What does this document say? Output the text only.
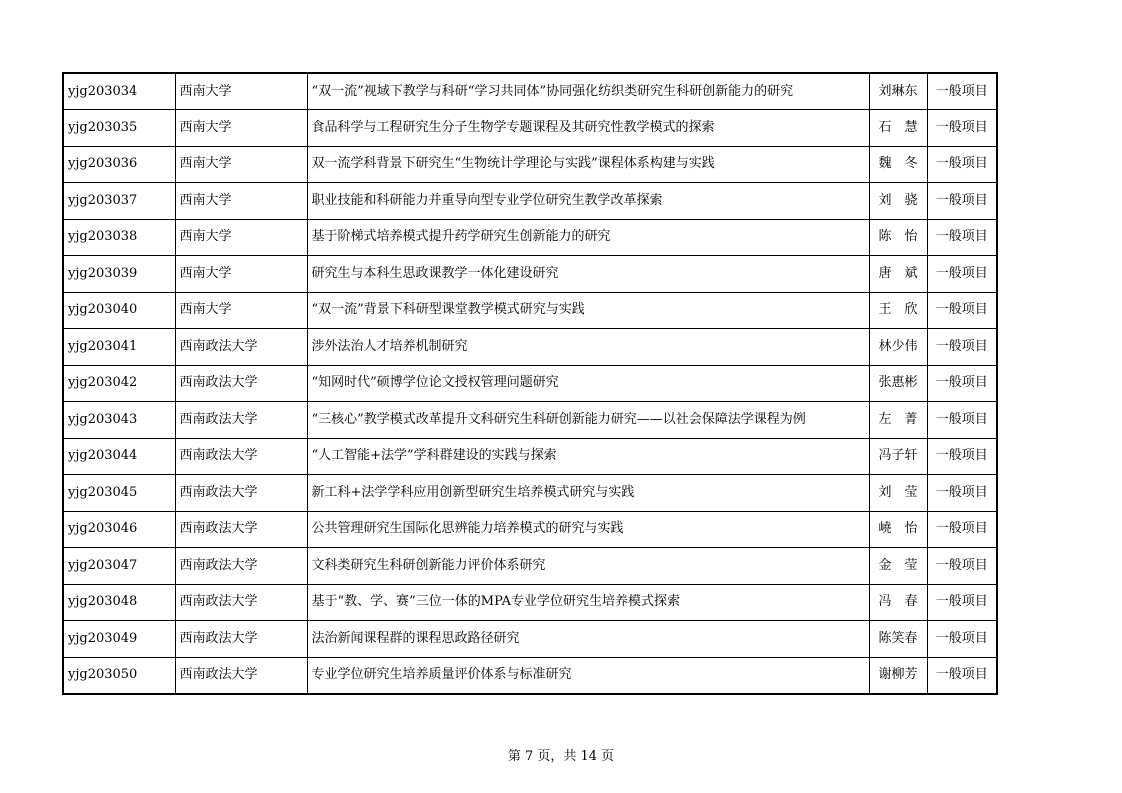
yjg203034	西南大学	“双一流”视域下教学与科研“学习共同体”协同强化纺织类研究生科研创新能力的研究	刘琳东	一般项目
yjg203035	西南大学	食品科学与工程研究生分子生物学专题课程及其研究性教学模式的探索	石　慧	一般项目
yjg203036	西南大学	双一流学科背景下研究生“生物统计学理论与实践”课程体系构建与实践	魏　冬	一般项目
yjg203037	西南大学	职业技能和科研能力并重导向型专业学位研究生教学改革探索	刘　骁	一般项目
yjg203038	西南大学	基于阶梯式培养模式提升药学研究生创新能力的研究	陈　怡	一般项目
yjg203039	西南大学	研究生与本科生思政课教学一体化建设研究	唐　斌	一般项目
yjg203040	西南大学	“双一流”背景下科研型课堂教学模式研究与实践	王　欣	一般项目
yjg203041	西南政法大学	涉外法治人才培养机制研究	林少伟	一般项目
yjg203042	西南政法大学	“知网时代”硕博学位论文授权管理问题研究	张惠彬	一般项目
yjg203043	西南政法大学	“三核心”教学模式改革提升文科研究生科研创新能力研究——以社会保障法学课程为例	左　菁	一般项目
yjg203044	西南政法大学	“人工智能+法学”学科群建设的实践与探索	冯子轩	一般项目
yjg203045	西南政法大学	新工科+法学学科应用创新型研究生培养模式研究与实践	刘　莹	一般项目
yjg203046	西南政法大学	公共管理研究生国际化思辨能力培养模式的研究与实践	嶢　怡	一般项目
yjg203047	西南政法大学	文科类研究生科研创新能力评价体系研究	金　莹	一般项目
yjg203048	西南政法大学	基于“教、学、赛”三位一体的MPA专业学位研究生培养模式探索	冯　春	一般项目
yjg203049	西南政法大学	法治新闻课程群的课程思政路径研究	陈笑春	一般项目
yjg203050	西南政法大学	专业学位研究生培养质量评价体系与标准研究	谢柳芳	一般项目
第 7 页，共 14 页
